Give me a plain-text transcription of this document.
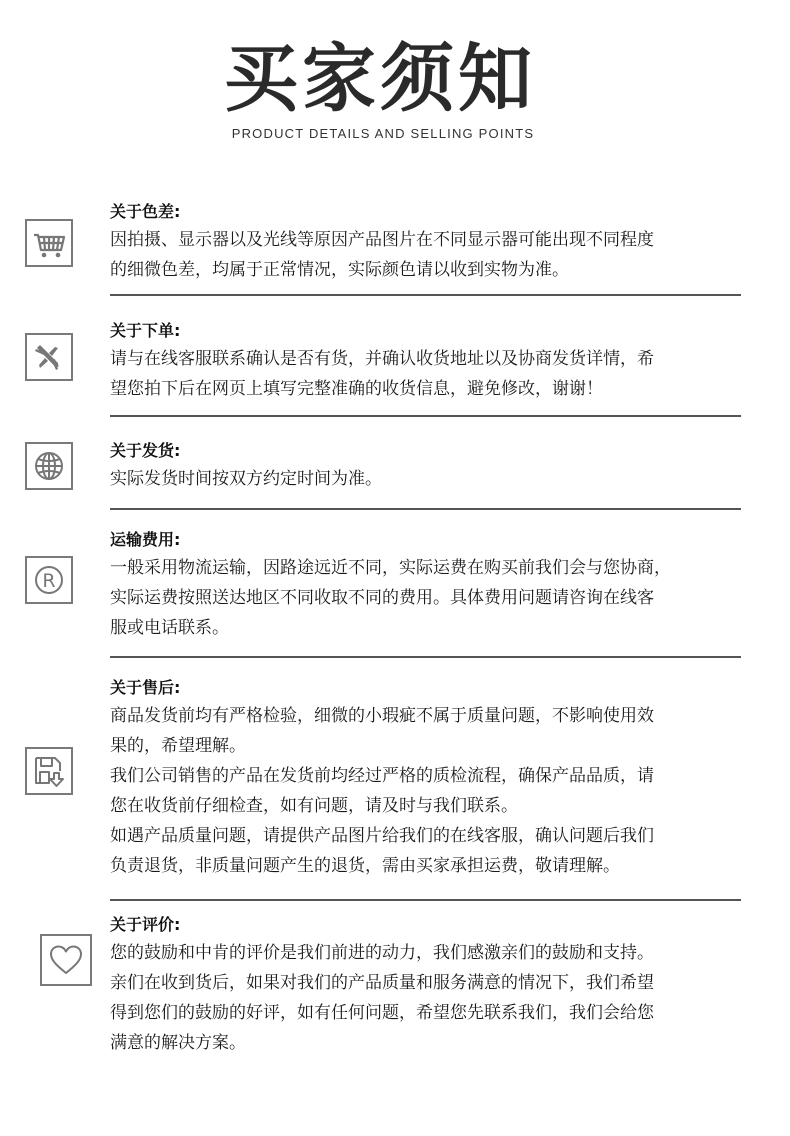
买家须知
PRODUCT DETAILS AND SELLING POINTS
关于色差:

因拍摄、显示器以及光线等原因产品图片在不同显示器可能出现不同程度

的细微色差，均属于正常情况，实际颜色请以收到实物为准。

关于下单:

请与在线客服联系确认是否有货，并确认收货地址以及协商发货详情，希

望您拍下后在网页上填写完整准确的收货信息，避免修改，谢谢！

关于发货:

实际发货时间按双方约定时间为准。

R
运输费用:

一般采用物流运输，因路途远近不同，实际运费在购买前我们会与您协商，

实际运费按照送达地区不同收取不同的费用。具体费用问题请咨询在线客

服或电话联系。

关于售后:

商品发货前均有严格检验，细微的小瑕疵不属于质量问题，不影响使用效

果的，希望理解。

我们公司销售的产品在发货前均经过严格的质检流程，确保产品品质，请

您在收货前仔细检查，如有问题，请及时与我们联系。

如遇产品质量问题，请提供产品图片给我们的在线客服，确认问题后我们

负责退货，非质量问题产生的退货，需由买家承担运费，敬请理解。

关于评价:

您的鼓励和中肯的评价是我们前进的动力，我们感激亲们的鼓励和支持。

亲们在收到货后，如果对我们的产品质量和服务满意的情况下，我们希望

得到您们的鼓励的好评，如有任何问题，希望您先联系我们，我们会给您

满意的解决方案。
